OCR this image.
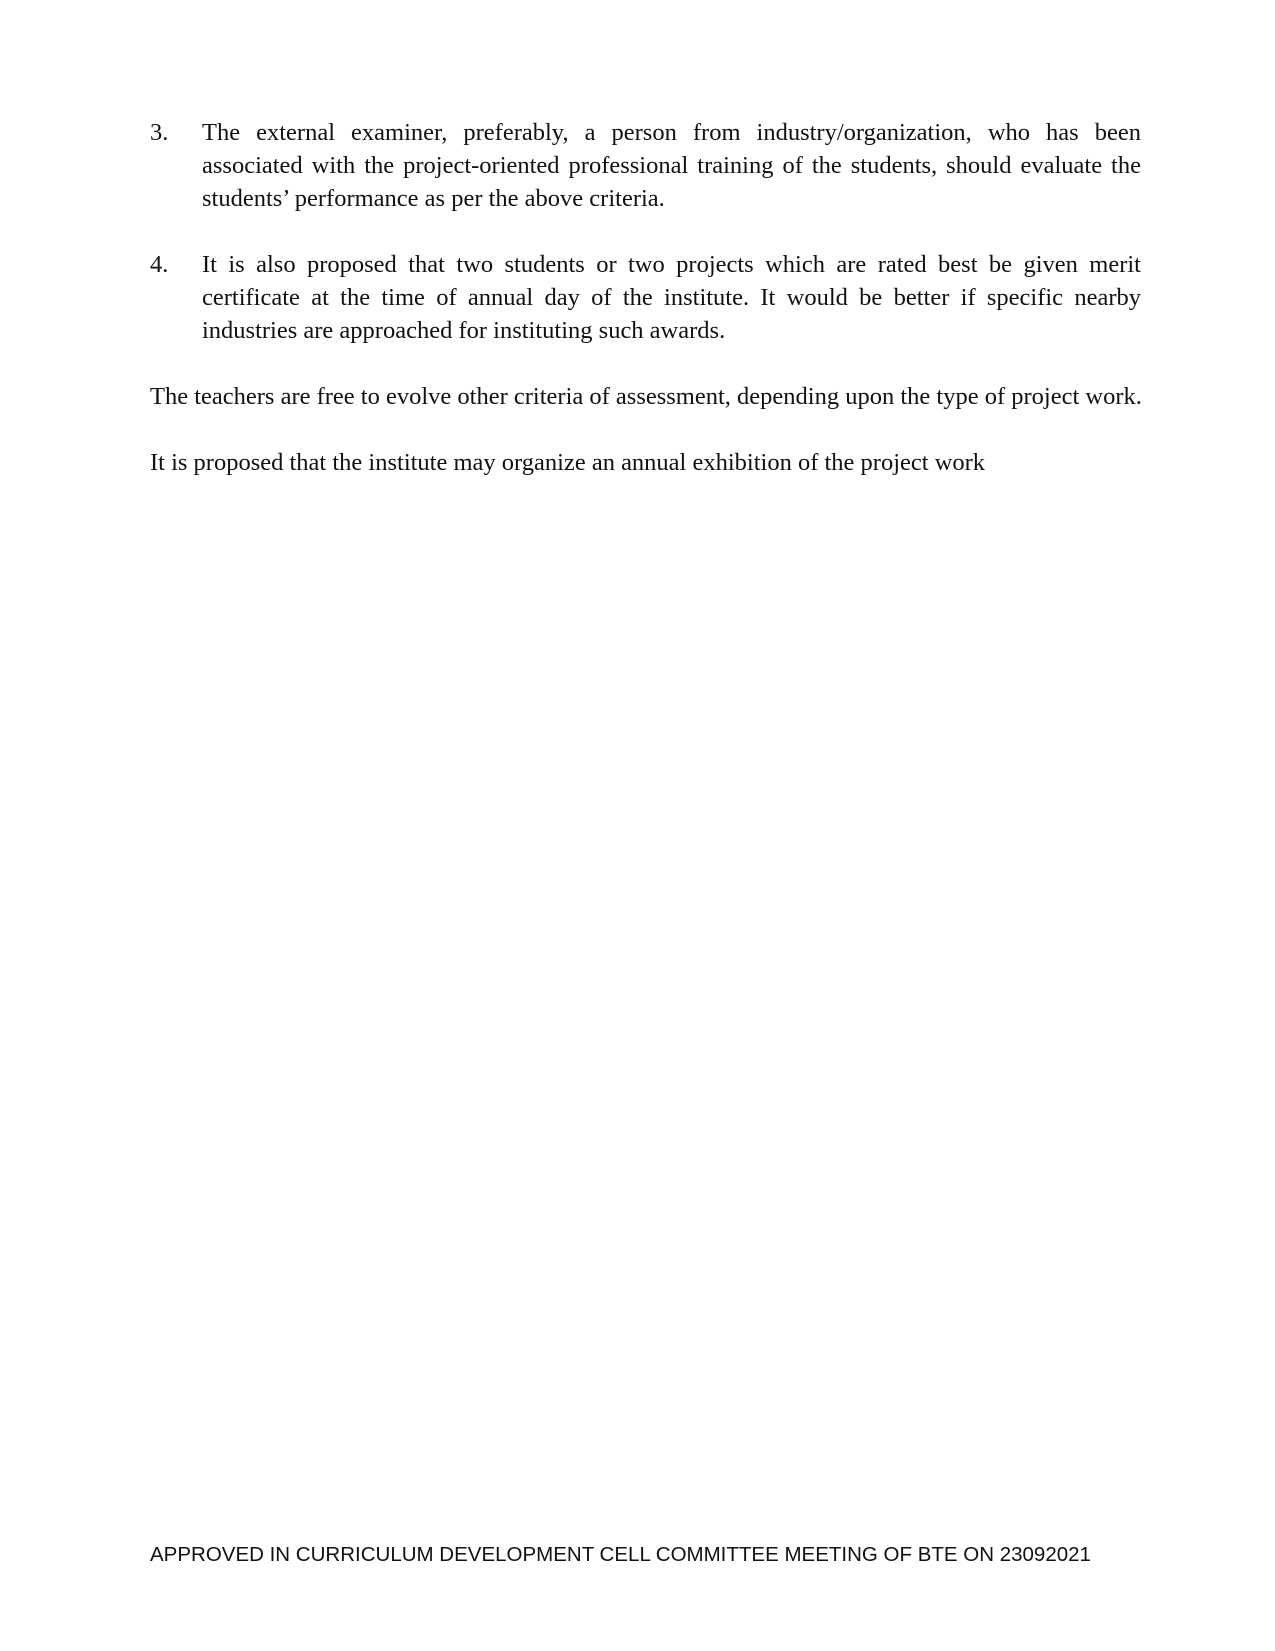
3. The external examiner, preferably, a person from industry/organization, who has been associated with the project-oriented professional training of the students, should evaluate the students’ performance as per the above criteria.
4. It is also proposed that two students or two projects which are rated best be given merit certificate at the time of annual day of the institute. It would be better if specific nearby industries are approached for instituting such awards.

The teachers are free to evolve other criteria of assessment, depending upon the type of project work.

It is proposed that the institute may organize an annual exhibition of the project work

APPROVED IN CURRICULUM DEVELOPMENT CELL COMMITTEE MEETING OF BTE ON 23092021
